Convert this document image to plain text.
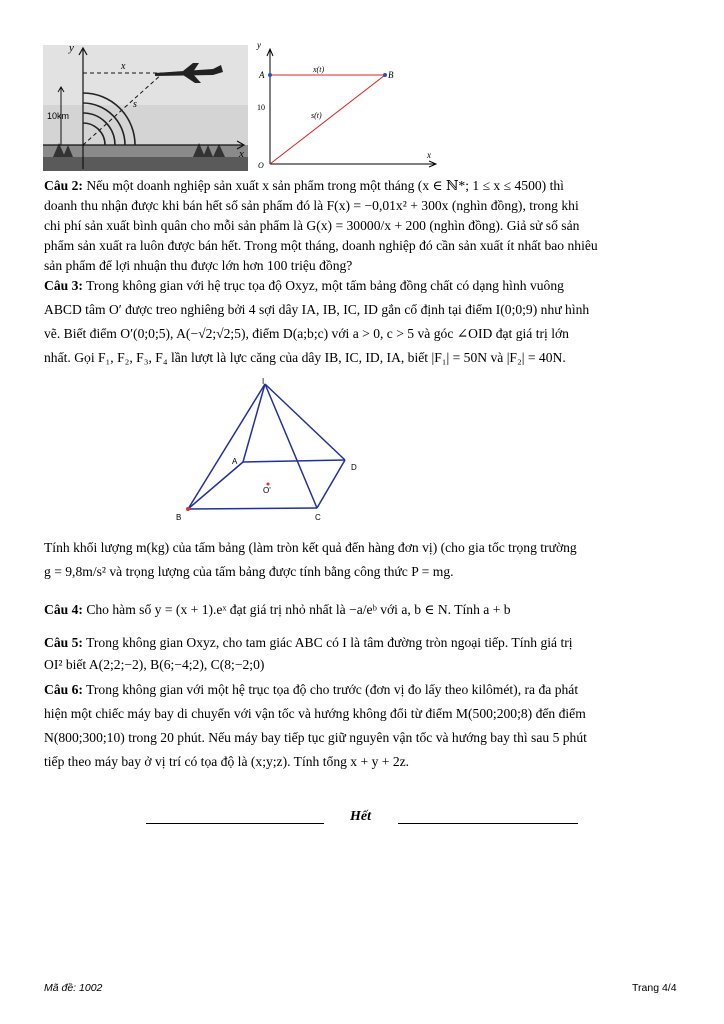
y
x
x
s
10km
y
x
A	B
x(t)
s(t)
10
O

Câu 2: Nếu một doanh nghiệp sản xuất x sản phẩm trong một tháng (x ∈ ℕ*; 1 ≤ x ≤ 4500) thì

doanh thu nhận được khi bán hết số sản phẩm đó là F(x) = −0,01x² + 300x (nghìn đồng), trong khi

chi phí sản xuất bình quân cho mỗi sản phẩm là G(x) = 30000/x + 200 (nghìn đồng). Giả sử số sản

phẩm sản xuất ra luôn được bán hết. Trong một tháng, doanh nghiệp đó cần sản xuất ít nhất bao nhiêu

sản phẩm để lợi nhuận thu được lớn hơn 100 triệu đồng?

Câu 3: Trong không gian với hệ trục tọa độ Oxyz, một tấm bảng đồng chất có dạng hình vuông

ABCD tâm O′ được treo nghiêng bởi 4 sợi dây IA, IB, IC, ID gắn cố định tại điểm I(0;0;9) như hình

vẽ. Biết điểm O′(0;0;5), A(−√2;√2;5), điểm D(a;b;c) với a > 0, c > 5 và góc ∠OID đạt giá trị lớn

nhất. Gọi F₁, F₂, F₃, F₄ lần lượt là lực căng của dây IB, IC, ID, IA, biết |F₁| = 50N và |F₂| = 40N.

I
A
B	C
D
O'

Tính khối lượng m(kg) của tấm bảng (làm tròn kết quả đến hàng đơn vị) (cho gia tốc trọng trường

g = 9,8m/s² và trọng lượng của tấm bảng được tính bằng công thức P = mg.

Câu 4: Cho hàm số y = (x + 1).eˣ đạt giá trị nhỏ nhất là −a/eᵇ với a, b ∈ N. Tính a + b

Câu 5: Trong không gian Oxyz, cho tam giác ABC có I là tâm đường tròn ngoại tiếp. Tính giá trị

OI² biết A(2;2;−2), B(6;−4;2), C(8;−2;0)

Câu 6: Trong không gian với một hệ trục tọa độ cho trước (đơn vị đo lấy theo kilômét), ra đa phát

hiện một chiếc máy bay di chuyển với vận tốc và hướng không đổi từ điểm M(500;200;8) đến điểm

N(800;300;10) trong 20 phút. Nếu máy bay tiếp tục giữ nguyên vận tốc và hướng bay thì sau 5 phút

tiếp theo máy bay ở vị trí có tọa độ là (x;y;z). Tính tổng x + y + 2z.

Hết
Mã đề: 1002	Trang 4/4
